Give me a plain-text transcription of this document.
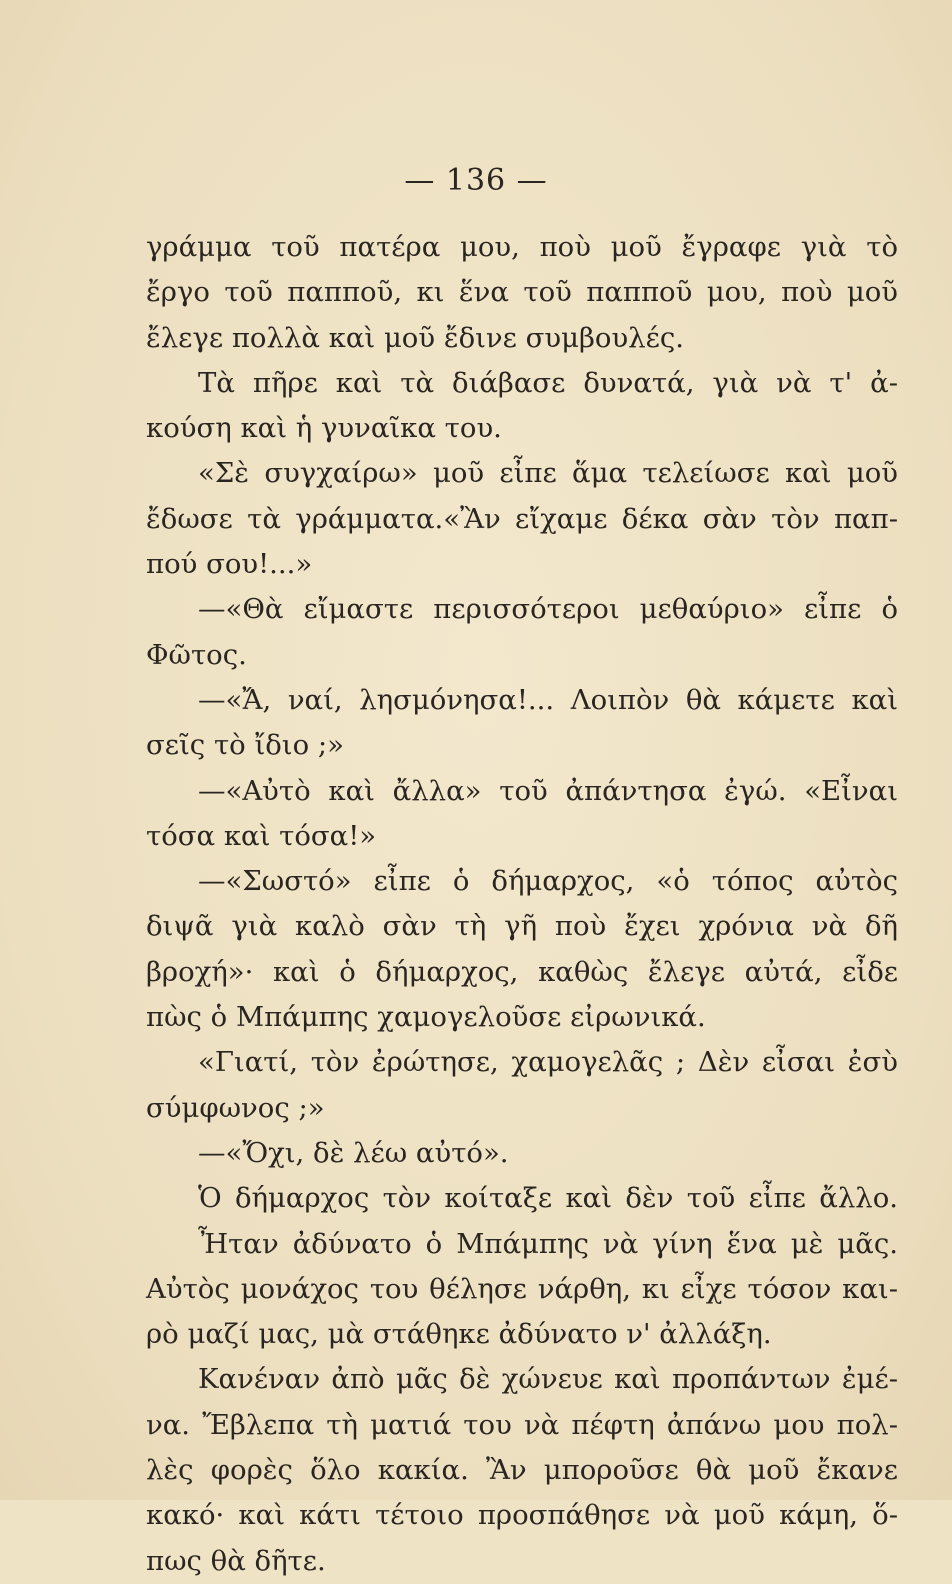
— 136 —
γράμμα τοῦ πατέρα μου, ποὺ μοῦ ἔγραφε γιὰ τὸ
ἔργο τοῦ παπποῦ, κι ἕνα τοῦ παπποῦ μου, ποὺ μοῦ
ἔλεγε πολλὰ καὶ μοῦ ἔδινε συμβουλές.
Τὰ πῆρε καὶ τὰ διάβασε δυνατά, γιὰ νὰ τ' ἀ-
κούση καὶ ἡ γυναῖκα του.
«Σὲ συγχαίρω» μοῦ εἶπε ἅμα τελείωσε καὶ μοῦ
ἔδωσε τὰ γράμματα.«Ἂν εἴχαμε δέκα σὰν τὸν παπ-
πού σου!...»
—«Θὰ εἴμαστε περισσότεροι μεθαύριο» εἶπε ὁ
Φῶτος.
—«Ἄ, ναί, λησμόνησα!... Λοιπὸν θὰ κάμετε καὶ
σεῖς τὸ ἴδιο ;»
—«Αὐτὸ καὶ ἄλλα» τοῦ ἀπάντησα ἐγώ. «Εἶναι
τόσα καὶ τόσα!»
—«Σωστό» εἶπε ὁ δήμαρχος, «ὁ τόπος αὐτὸς
διψᾶ γιὰ καλὸ σὰν τὴ γῆ ποὺ ἔχει χρόνια νὰ δῆ
βροχή»· καὶ ὁ δήμαρχος, καθὼς ἔλεγε αὐτά, εἶδε
πὼς ὁ Μπάμπης χαμογελοῦσε εἰρωνικά.
«Γιατί, τὸν ἐρώτησε, χαμογελᾶς ; Δὲν εἶσαι ἐσὺ
σύμφωνος ;»
—«Ὄχι, δὲ λέω αὐτό».
Ὁ δήμαρχος τὸν κοίταξε καὶ δὲν τοῦ εἶπε ἄλλο.
Ἦταν ἀδύνατο ὁ Μπάμπης νὰ γίνη ἕνα μὲ μᾶς.
Αὐτὸς μονάχος του θέλησε νάρθη, κι εἶχε τόσον και-
ρὸ μαζί μας, μὰ στάθηκε ἀδύνατο ν' ἀλλάξη.
Κανέναν ἀπὸ μᾶς δὲ χώνευε καὶ προπάντων ἐμέ-
να. Ἔβλεπα τὴ ματιά του νὰ πέφτη ἀπάνω μου πολ-
λὲς φορὲς ὅλο κακία. Ἂν μποροῦσε θὰ μοῦ ἔκανε
κακό· καὶ κάτι τέτοιο προσπάθησε νὰ μοῦ κάμη, ὅ-
πως θὰ δῆτε.
